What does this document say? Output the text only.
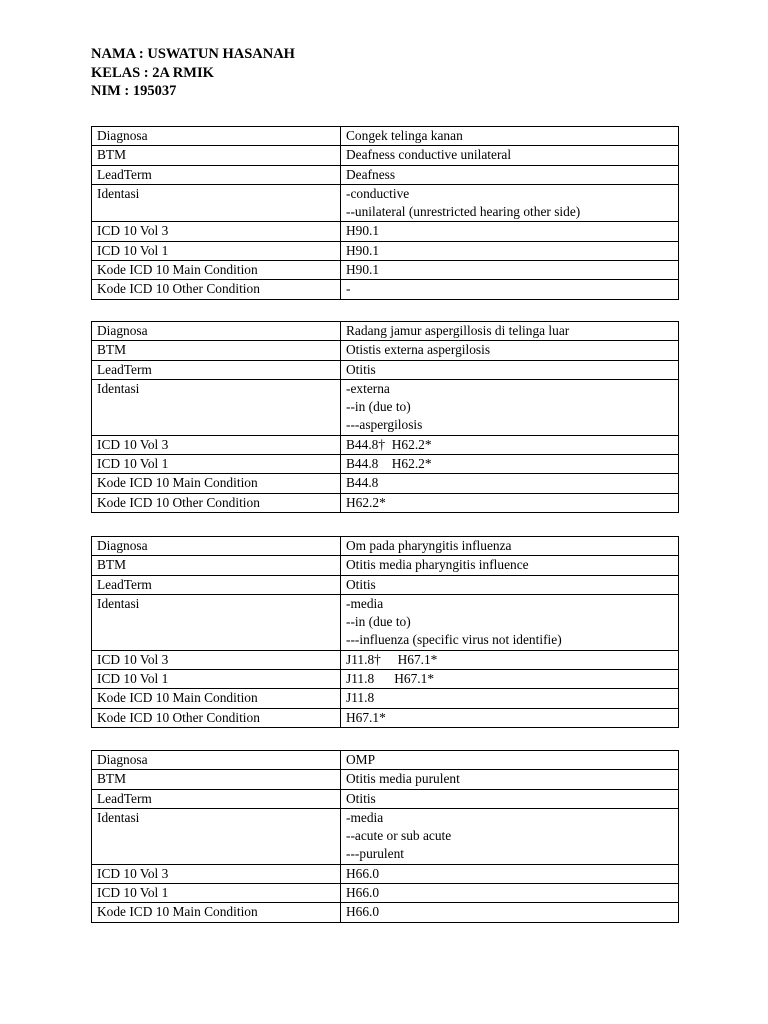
NAMA : USWATUN HASANAH
KELAS : 2A RMIK
NIM : 195037
Diagnosa	Congek telinga kanan

BTM	Deafness conductive unilateral

LeadTerm	Deafness

Identasi	-conductive
--unilateral (unrestricted hearing other side)

ICD 10 Vol 3	H90.1

ICD 10 Vol 1	H90.1

Kode ICD 10 Main Condition	H90.1

Kode ICD 10 Other Condition	-
Diagnosa	Radang jamur aspergillosis di telinga luar

BTM	Otistis externa aspergilosis

LeadTerm	Otitis

Identasi	-externa
--in (due to)
---aspergilosis

ICD 10 Vol 3	B44.8†  H62.2*

ICD 10 Vol 1	B44.8    H62.2*

Kode ICD 10 Main Condition	B44.8

Kode ICD 10 Other Condition	H62.2*
Diagnosa	Om pada pharyngitis influenza

BTM	Otitis media pharyngitis influence

LeadTerm	Otitis

Identasi	-media
--in (due to)
---influenza (specific virus not identifie)

ICD 10 Vol 3	J11.8†     H67.1*

ICD 10 Vol 1	J11.8      H67.1*

Kode ICD 10 Main Condition	J11.8

Kode ICD 10 Other Condition	H67.1*
Diagnosa	OMP

BTM	Otitis media purulent

LeadTerm	Otitis

Identasi	-media
--acute or sub acute
---purulent

ICD 10 Vol 3	H66.0

ICD 10 Vol 1	H66.0

Kode ICD 10 Main Condition	H66.0
